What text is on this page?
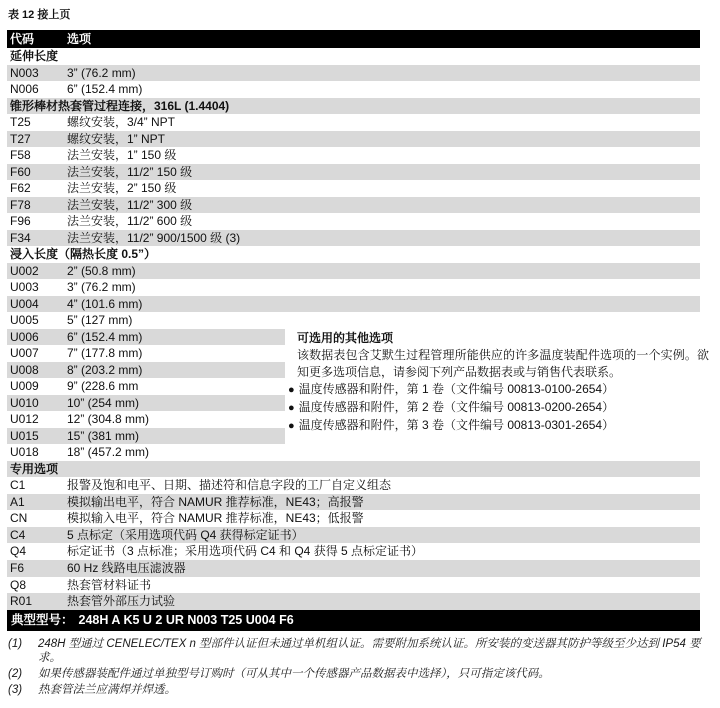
表 12 接上页
代码	选项
延伸长度
N003	3” (76.2 mm)
N006	6” (152.4 mm)
锥形棒材热套管过程连接，316L (1.4404)
T25	螺纹安装，3/4” NPT
T27	螺纹安装，1” NPT
F58	法兰安装，1” 150 级
F60	法兰安装，11/2” 150 级
F62	法兰安装，2” 150 级
F78	法兰安装，11/2” 300 级
F96	法兰安装，11/2” 600 级
F34	法兰安装，11/2” 900/1500 级 (3)
浸入长度（隔热长度 0.5”）
U002	2” (50.8 mm)
U003	3” (76.2 mm)
U004	4” (101.6 mm)
U005	5” (127 mm)
U006	6” (152.4 mm)
U007	7” (177.8 mm)
U008	8” (203.2 mm)
U009	9” (228.6 mm
U010	10” (254 mm)
U012	12” (304.8 mm)
U015	15” (381 mm)
U018	18” (457.2 mm)
专用选项
C1	报警及饱和电平、日期、描述符和信息字段的工厂自定义组态
A1	模拟输出电平，符合 NAMUR 推荐标准，NE43；高报警
CN	模拟输入电平，符合 NAMUR 推荐标准，NE43；低报警
C4	5 点标定（采用选项代码 Q4 获得标定证书）
Q4	标定证书（3 点标准；采用选项代码 C4 和 Q4 获得 5 点标定证书）
F6	60 Hz 线路电压滤波器
Q8	热套管材料证书
R01	热套管外部压力试验
典型型号： 248H A K5 U 2 UR N003 T25 U004 F6
可选用的其他选项
该数据表包含艾默生过程管理所能供应的许多温度装配件选项的一个实例。欲知更多选项信息，请参阅下列产品数据表或与销售代表联系。
● 温度传感器和附件，第 1 卷（文件编号 00813-0100-2654）
● 温度传感器和附件，第 2 卷（文件编号 00813-0200-2654）
● 温度传感器和附件，第 3 卷（文件编号 00813-0301-2654）
(1)	248H 型通过 CENELEC/TEX n 型部件认证但未通过单机组认证。需要附加系统认证。所安装的变送器其防护等级至少达到 IP54 要求。
(2)	如果传感器装配件通过单独型号订购时（可从其中一个传感器产品数据表中选择），只可指定该代码。
(3)	热套管法兰应满焊并焊透。
